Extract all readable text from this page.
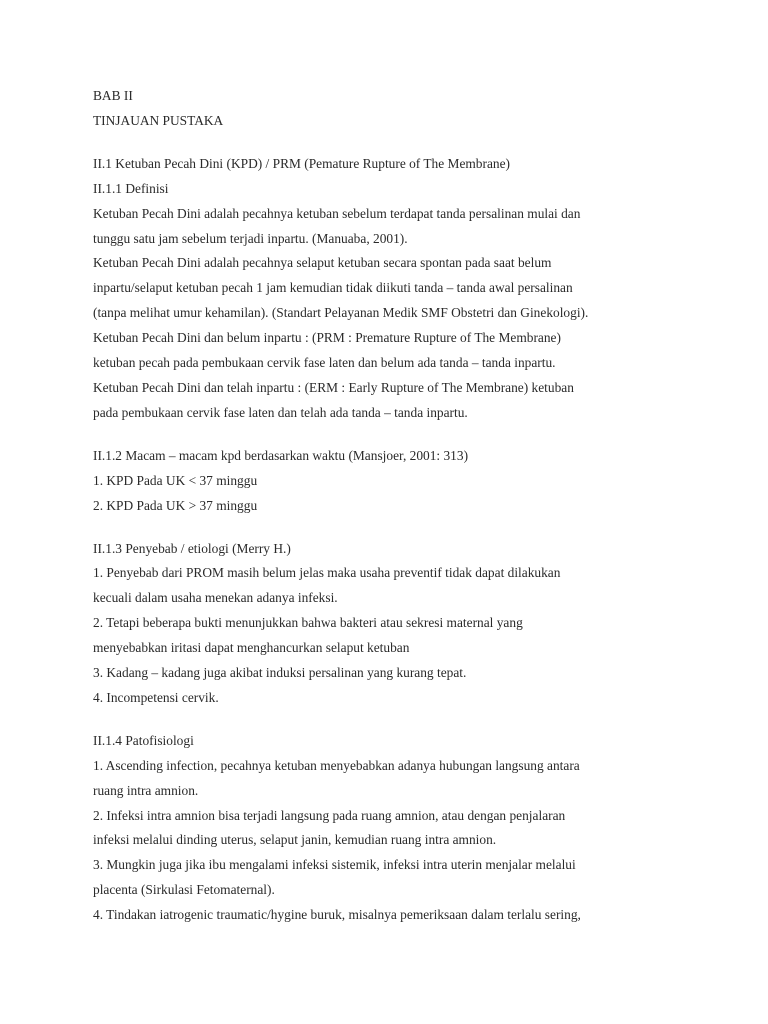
BAB II

TINJAUAN PUSTAKA

II.1 Ketuban Pecah Dini (KPD) / PRM (Pemature Rupture of The Membrane)

II.1.1 Definisi

Ketuban Pecah Dini adalah pecahnya ketuban sebelum terdapat tanda persalinan mulai dan

tunggu satu jam sebelum terjadi inpartu. (Manuaba, 2001).

Ketuban Pecah Dini adalah pecahnya selaput ketuban secara spontan pada saat belum

inpartu/selaput ketuban pecah 1 jam kemudian tidak diikuti tanda – tanda awal persalinan

(tanpa melihat umur kehamilan). (Standart Pelayanan Medik SMF Obstetri dan Ginekologi).

Ketuban Pecah Dini dan belum inpartu : (PRM : Premature Rupture of The Membrane)

ketuban pecah pada pembukaan cervik fase laten dan belum ada tanda – tanda inpartu.

Ketuban Pecah Dini dan telah inpartu : (ERM : Early Rupture of The Membrane) ketuban

pada pembukaan cervik fase laten dan telah ada tanda – tanda inpartu.

II.1.2 Macam – macam kpd berdasarkan waktu (Mansjoer, 2001: 313)

1. KPD Pada UK < 37 minggu

2. KPD Pada UK > 37 minggu

II.1.3 Penyebab / etiologi (Merry H.)

1. Penyebab dari PROM masih belum jelas maka usaha preventif tidak dapat dilakukan

kecuali dalam usaha menekan adanya infeksi.

2. Tetapi beberapa bukti menunjukkan bahwa bakteri atau sekresi maternal yang

menyebabkan iritasi dapat menghancurkan selaput ketuban

3. Kadang – kadang juga akibat induksi persalinan yang kurang tepat.

4. Incompetensi cervik.

II.1.4 Patofisiologi

1. Ascending infection, pecahnya ketuban menyebabkan adanya hubungan langsung antara

ruang intra amnion.

2. Infeksi intra amnion bisa terjadi langsung pada ruang amnion, atau dengan penjalaran

infeksi melalui dinding uterus, selaput janin, kemudian ruang intra amnion.

3. Mungkin juga jika ibu mengalami infeksi sistemik, infeksi intra uterin menjalar melalui

placenta (Sirkulasi Fetomaternal).

4. Tindakan iatrogenic traumatic/hygine buruk, misalnya pemeriksaan dalam terlalu sering,
